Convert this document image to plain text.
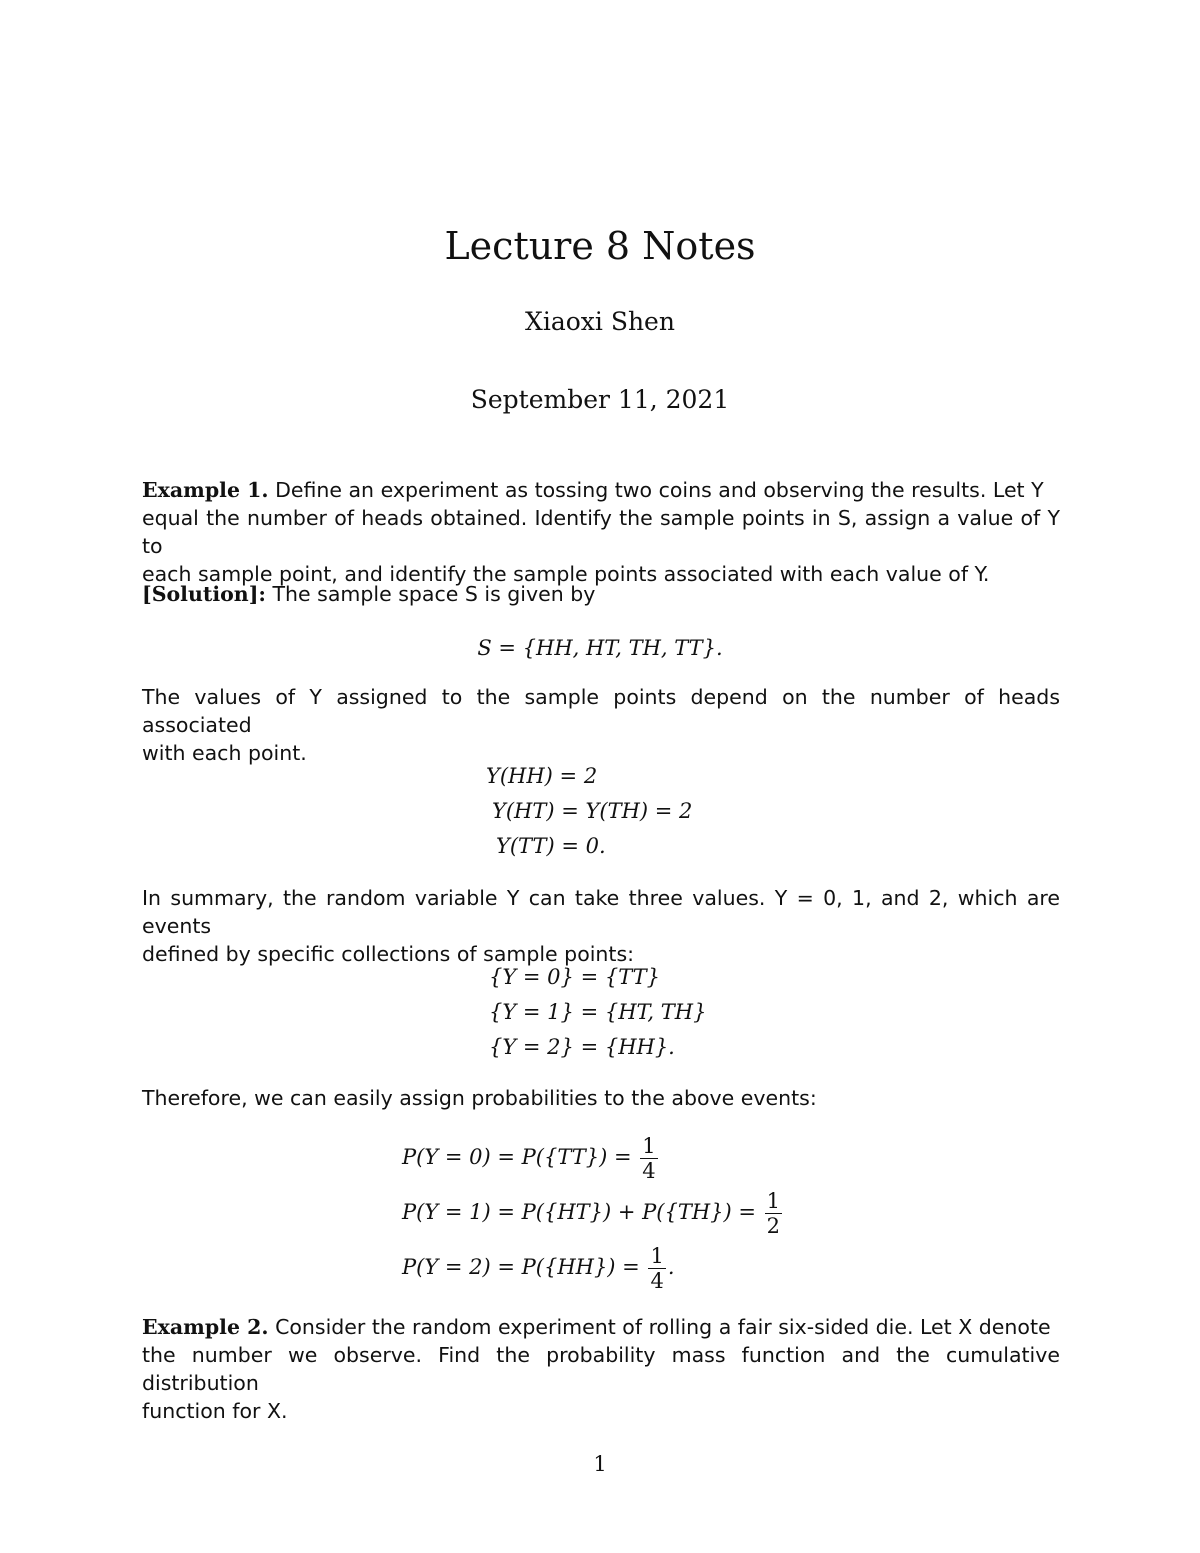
Lecture 8 Notes
Xiaoxi Shen
September 11, 2021
Example 1. Define an experiment as tossing two coins and observing the results. Let Y
equal the number of heads obtained. Identify the sample points in S, assign a value of Y to
each sample point, and identify the sample points associated with each value of Y.
[Solution]: The sample space S is given by
S = {HH, HT, TH, TT}.
The values of Y assigned to the sample points depend on the number of heads associated
with each point.
Y(HH) = 2
Y(HT) = Y(TH) = 2
Y(TT) = 0.
In summary, the random variable Y can take three values. Y = 0, 1, and 2, which are events
defined by specific collections of sample points:
{Y = 0} = {TT}
{Y = 1} = {HT, TH}
{Y = 2} = {HH}.
Therefore, we can easily assign probabilities to the above events:
$P(Y = 0) = P(\{TT\}) = \frac{1}{4}$
$P(Y = 1) = P(\{HT\}) + P(\{TH\}) = \frac{1}{2}$
$P(Y = 2) = P(\{HH\}) = \frac{1}{4}$ .
Example 2. Consider the random experiment of rolling a fair six-sided die. Let X denote
the number we observe. Find the probability mass function and the cumulative distribution
function for X.
1
